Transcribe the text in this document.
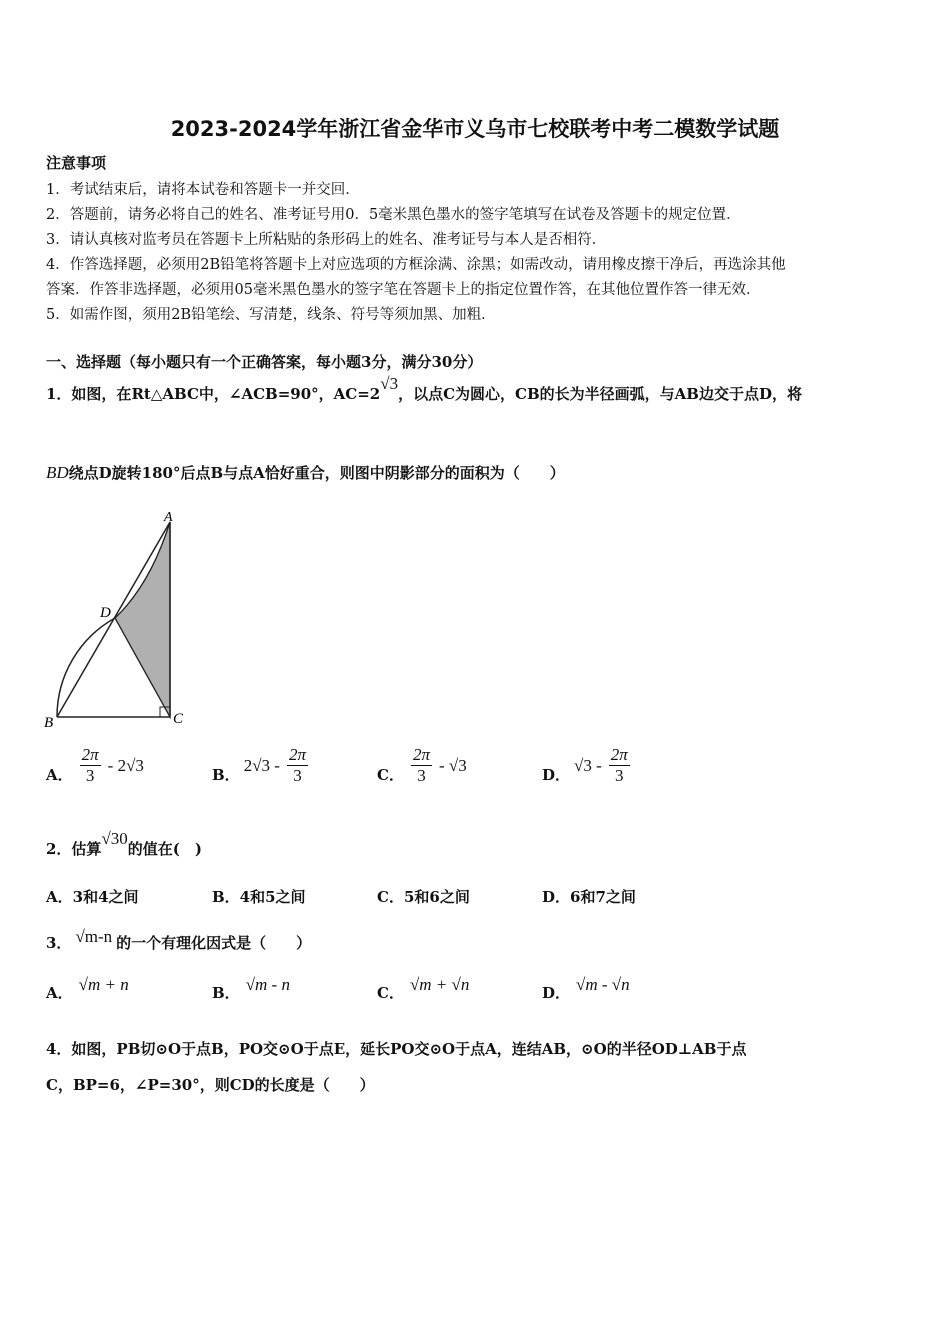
2023-2024学年浙江省金华市义乌市七校联考中考二模数学试题
注意事项
1．考试结束后，请将本试卷和答题卡一并交回．
2．答题前，请务必将自己的姓名、准考证号用0．5毫米黑色墨水的签字笔填写在试卷及答题卡的规定位置．
3．请认真核对监考员在答题卡上所粘贴的条形码上的姓名、准考证号与本人是否相符．
4．作答选择题，必须用2B铅笔将答题卡上对应选项的方框涂满、涂黑；如需改动，请用橡皮擦干净后，再选涂其他
答案．作答非选择题，必须用05毫米黑色墨水的签字笔在答题卡上的指定位置作答，在其他位置作答一律无效．
5．如需作图，须用2B铅笔绘、写清楚，线条、符号等须加黑、加粗．
一、选择题（每小题只有一个正确答案，每小题3分，满分30分）
1．如图，在Rt△ABC中，∠ACB=90°，AC=2√3，以点C为圆心，CB的长为半径画弧，与AB边交于点D，将
BD绕点D旋转180°后点B与点A恰好重合，则图中阴影部分的面积为（　　）
A
D
B	C
A． $\frac{2\pi}{3} - 2√3$
B．
$2√3 - \frac{2\pi}{3}$	C． $\frac{2\pi}{3} - √3$
D．
$√3 - \frac{2\pi}{3}$
2．估算√30的值在(　)
A．3和4之间	B．4和5之间	C．5和6之间	D．6和7之间
3． √m-n 的一个有理化因式是（　　）
A． √m + n	B． √m - n	C． √m + √n	D． √m - √n
4．如图，PB切⊙O于点B，PO交⊙O于点E，延长PO交⊙O于点A，连结AB，⊙O的半径OD⊥AB于点
C，BP=6，∠P=30°，则CD的长度是（　　）
